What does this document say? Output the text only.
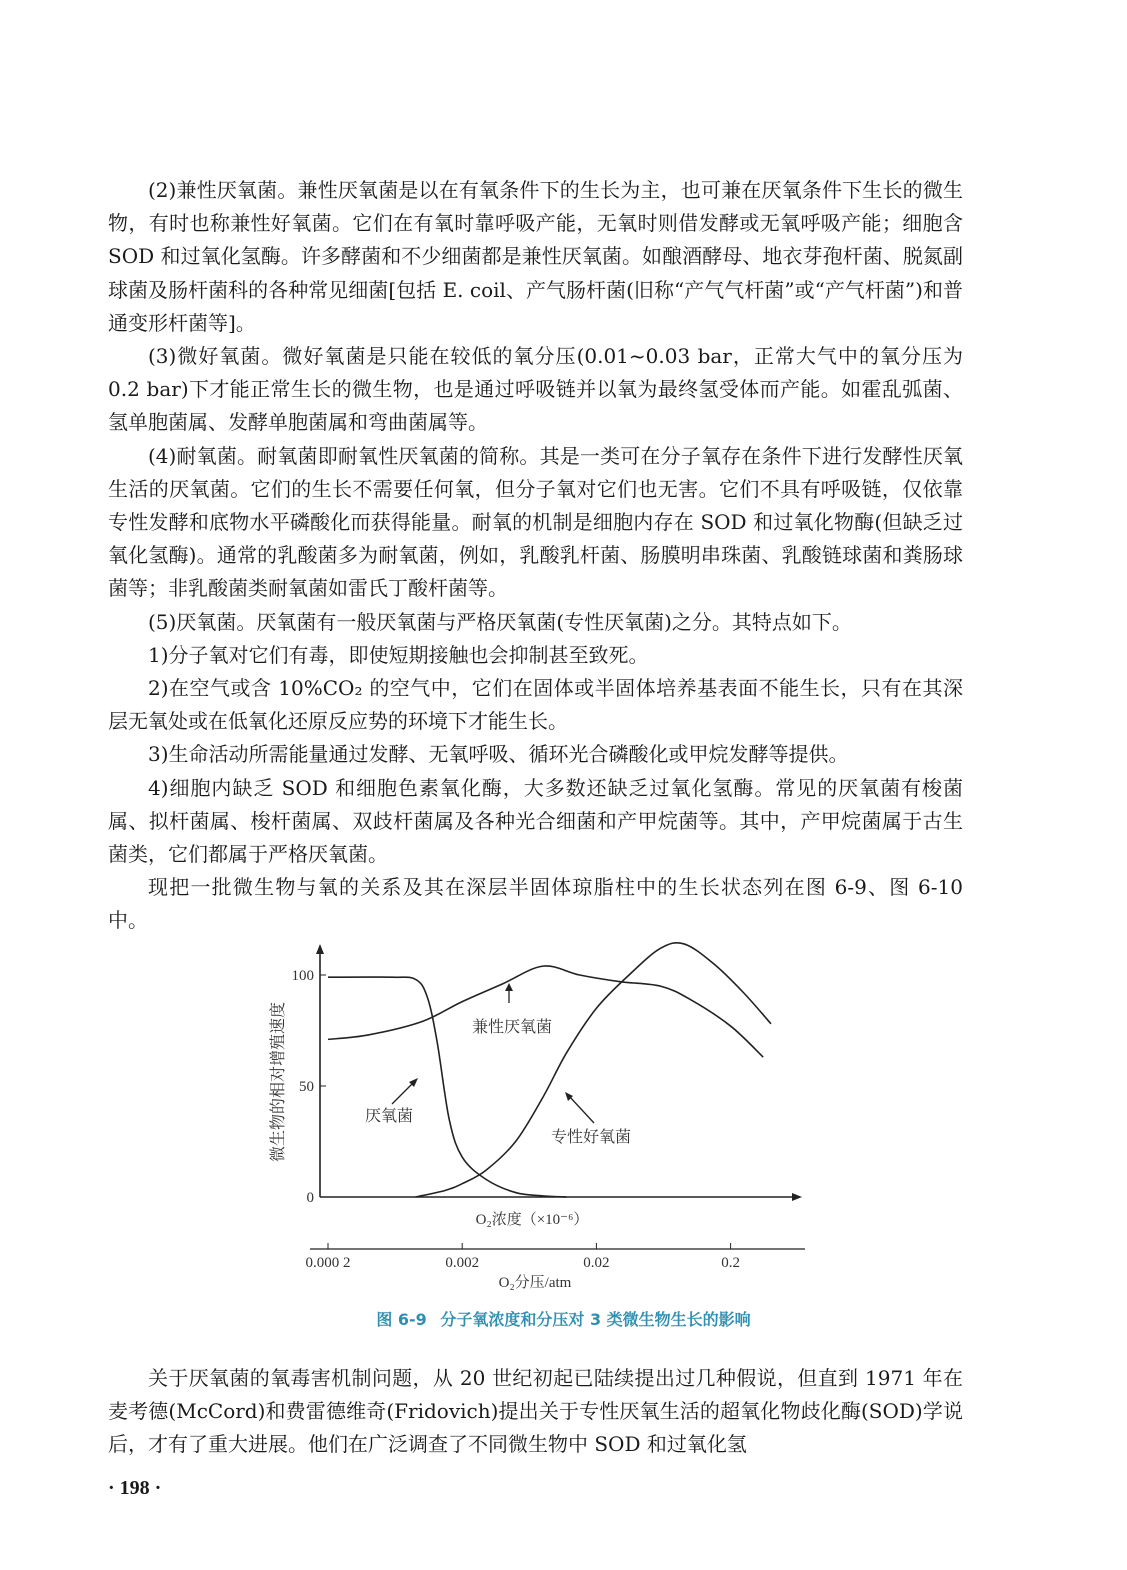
(2)兼性厌氧菌。兼性厌氧菌是以在有氧条件下的生长为主，也可兼在厌氧条件下生长的微生物，有时也称兼性好氧菌。它们在有氧时靠呼吸产能，无氧时则借发酵或无氧呼吸产能；细胞含 SOD 和过氧化氢酶。许多酵菌和不少细菌都是兼性厌氧菌。如酿酒酵母、地衣芽孢杆菌、脱氮副球菌及肠杆菌科的各种常见细菌[包括 E. coil、产气肠杆菌(旧称“产气气杆菌”或“产气杆菌”)和普通变形杆菌等]。

(3)微好氧菌。微好氧菌是只能在较低的氧分压(0.01~0.03 bar，正常大气中的氧分压为 0.2 bar)下才能正常生长的微生物，也是通过呼吸链并以氧为最终氢受体而产能。如霍乱弧菌、氢单胞菌属、发酵单胞菌属和弯曲菌属等。

(4)耐氧菌。耐氧菌即耐氧性厌氧菌的简称。其是一类可在分子氧存在条件下进行发酵性厌氧生活的厌氧菌。它们的生长不需要任何氧，但分子氧对它们也无害。它们不具有呼吸链，仅依靠专性发酵和底物水平磷酸化而获得能量。耐氧的机制是细胞内存在 SOD 和过氧化物酶(但缺乏过氧化氢酶)。通常的乳酸菌多为耐氧菌，例如，乳酸乳杆菌、肠膜明串珠菌、乳酸链球菌和粪肠球菌等；非乳酸菌类耐氧菌如雷氏丁酸杆菌等。

(5)厌氧菌。厌氧菌有一般厌氧菌与严格厌氧菌(专性厌氧菌)之分。其特点如下。

1)分子氧对它们有毒，即使短期接触也会抑制甚至致死。

2)在空气或含 10%CO₂ 的空气中，它们在固体或半固体培养基表面不能生长，只有在其深层无氧处或在低氧化还原反应势的环境下才能生长。

3)生命活动所需能量通过发酵、无氧呼吸、循环光合磷酸化或甲烷发酵等提供。

4)细胞内缺乏 SOD 和细胞色素氧化酶，大多数还缺乏过氧化氢酶。常见的厌氧菌有梭菌属、拟杆菌属、梭杆菌属、双歧杆菌属及各种光合细菌和产甲烷菌等。其中，产甲烷菌属于古生菌类，它们都属于严格厌氧菌。

现把一批微生物与氧的关系及其在深层半固体琼脂柱中的生长状态列在图 6-9、图 6-10 中。

0
50
100
0.000 2	0.002	0.02	0.2
微生物的相对增殖速度
O₂浓度（×10⁻⁶）
O₂分压/atm
兼性厌氧菌
厌氧菌
专性好氧菌
图 6-9 分子氧浓度和分压对 3 类微生物生长的影响

关于厌氧菌的氧毒害机制问题，从 20 世纪初起已陆续提出过几种假说，但直到 1971 年在麦考德(McCord)和费雷德维奇(Fridovich)提出关于专性厌氧生活的超氧化物歧化酶(SOD)学说后，才有了重大进展。他们在广泛调查了不同微生物中 SOD 和过氧化氢

· 198 ·
